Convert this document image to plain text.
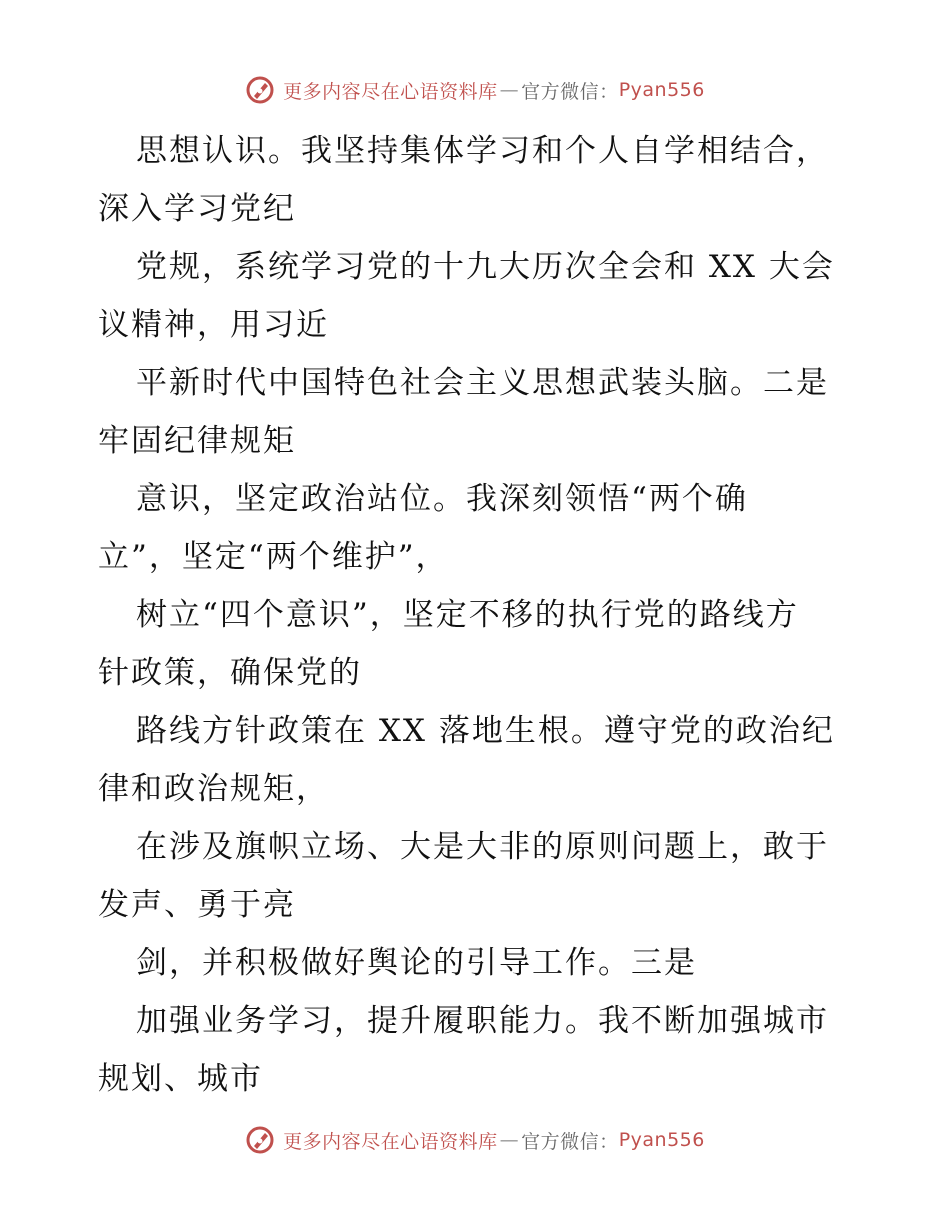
更多内容尽在心语资料库 — 官方微信： Pyan556
思想认识。我坚持集体学习和个人自学相结合，
深入学习党纪
党规，系统学习党的十九大历次全会和 XX 大会
议精神，用习近
平新时代中国特色社会主义思想武装头脑。二是
牢固纪律规矩
意识，坚定政治站位。我深刻领悟“两个确
立”，坚定“两个维护”，
树立“四个意识”，坚定不移的执行党的路线方
针政策，确保党的
路线方针政策在 XX 落地生根。遵守党的政治纪
律和政治规矩，
在涉及旗帜立场、大是大非的原则问题上，敢于
发声、勇于亮
剑，并积极做好舆论的引导工作。三是
加强业务学习，提升履职能力。我不断加强城市
规划、城市
更多内容尽在心语资料库 — 官方微信： Pyan556
